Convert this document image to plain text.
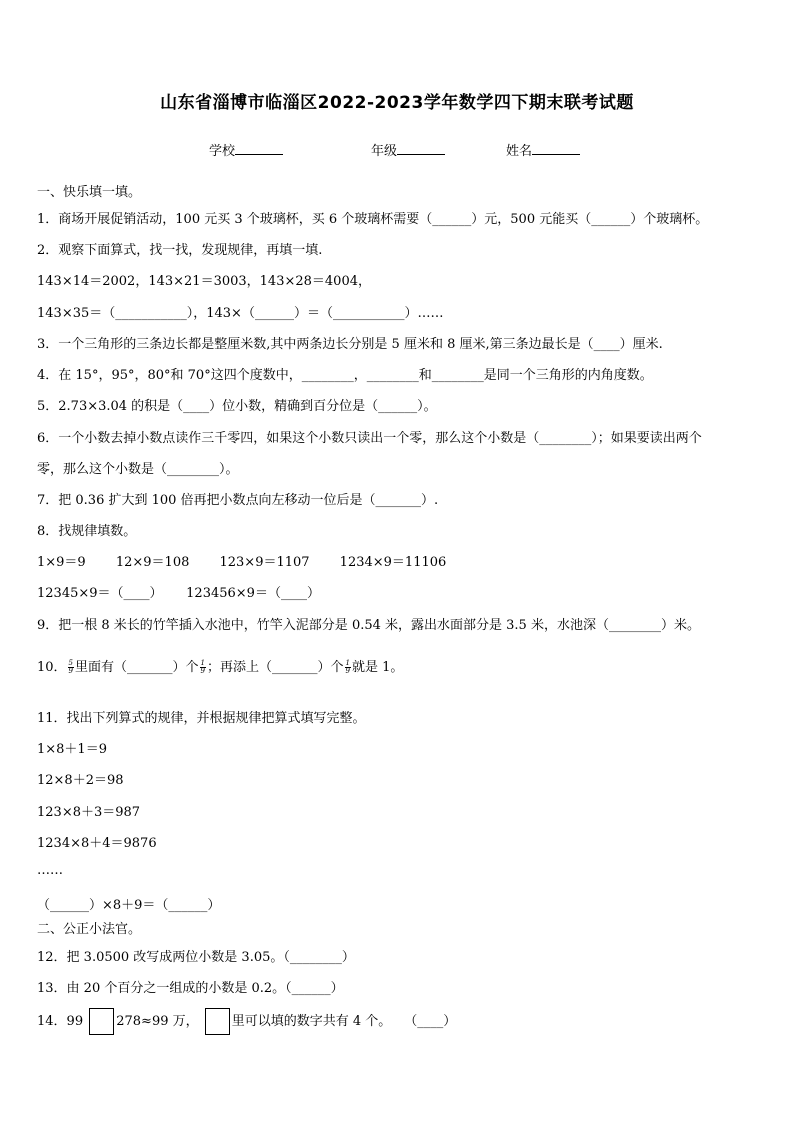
山东省淄博市临淄区2022-2023学年数学四下期末联考试题
学校	年级	姓名
一、快乐填一填。
1．商场开展促销活动，100 元买 3 个玻璃杯，买 6 个玻璃杯需要（______）元，500 元能买（______）个玻璃杯。
2．观察下面算式，找一找，发现规律，再填一填.
143×14＝2002，143×21＝3003，143×28＝4004，
143×35＝（___________），143×（______）＝（___________）……
3．一个三角形的三条边长都是整厘米数,其中两条边长分别是 5 厘米和 8 厘米,第三条边最长是（____）厘米.
4．在 15°，95°，80°和 70°这四个度数中，________，________和________是同一个三角形的内角度数。
5．2.73×3.04 的积是（____）位小数，精确到百分位是（______）。
6．一个小数去掉小数点读作三千零四，如果这个小数只读出一个零，那么这个小数是（________）；如果要读出两个
零，那么这个小数是（________）。
7．把 0.36 扩大到 100 倍再把小数点向左移动一位后是（_______）.
8．找规律填数。
1×9＝9　　 12×9＝108　　 123×9＝1107　　 1234×9＝11106
12345×9＝（____）　　 123456×9＝（____）
9．把一根 8 米长的竹竿插入水池中，竹竿入泥部分是 0.54 米，露出水面部分是 3.5 米，水池深（________）米。
10． $\frac{5}{9}$ 里面有（_______）个 $\frac{1}{9}$ ；再添上（_______）个 $\frac{1}{9}$ 就是 1。
11．找出下列算式的规律，并根据规律把算式填写完整。
1×8＋1＝9
12×8＋2＝98
123×8＋3＝987
1234×8＋4＝9876
……
（______）×8＋9＝（______）
二、公正小法官。
12．把 3.0500 改写成两位小数是 3.05。（________）
13．由 20 个百分之一组成的小数是 0.2。（______）
14．99	278≈99 万，	里可以填的数字共有 4 个。　　（____）
